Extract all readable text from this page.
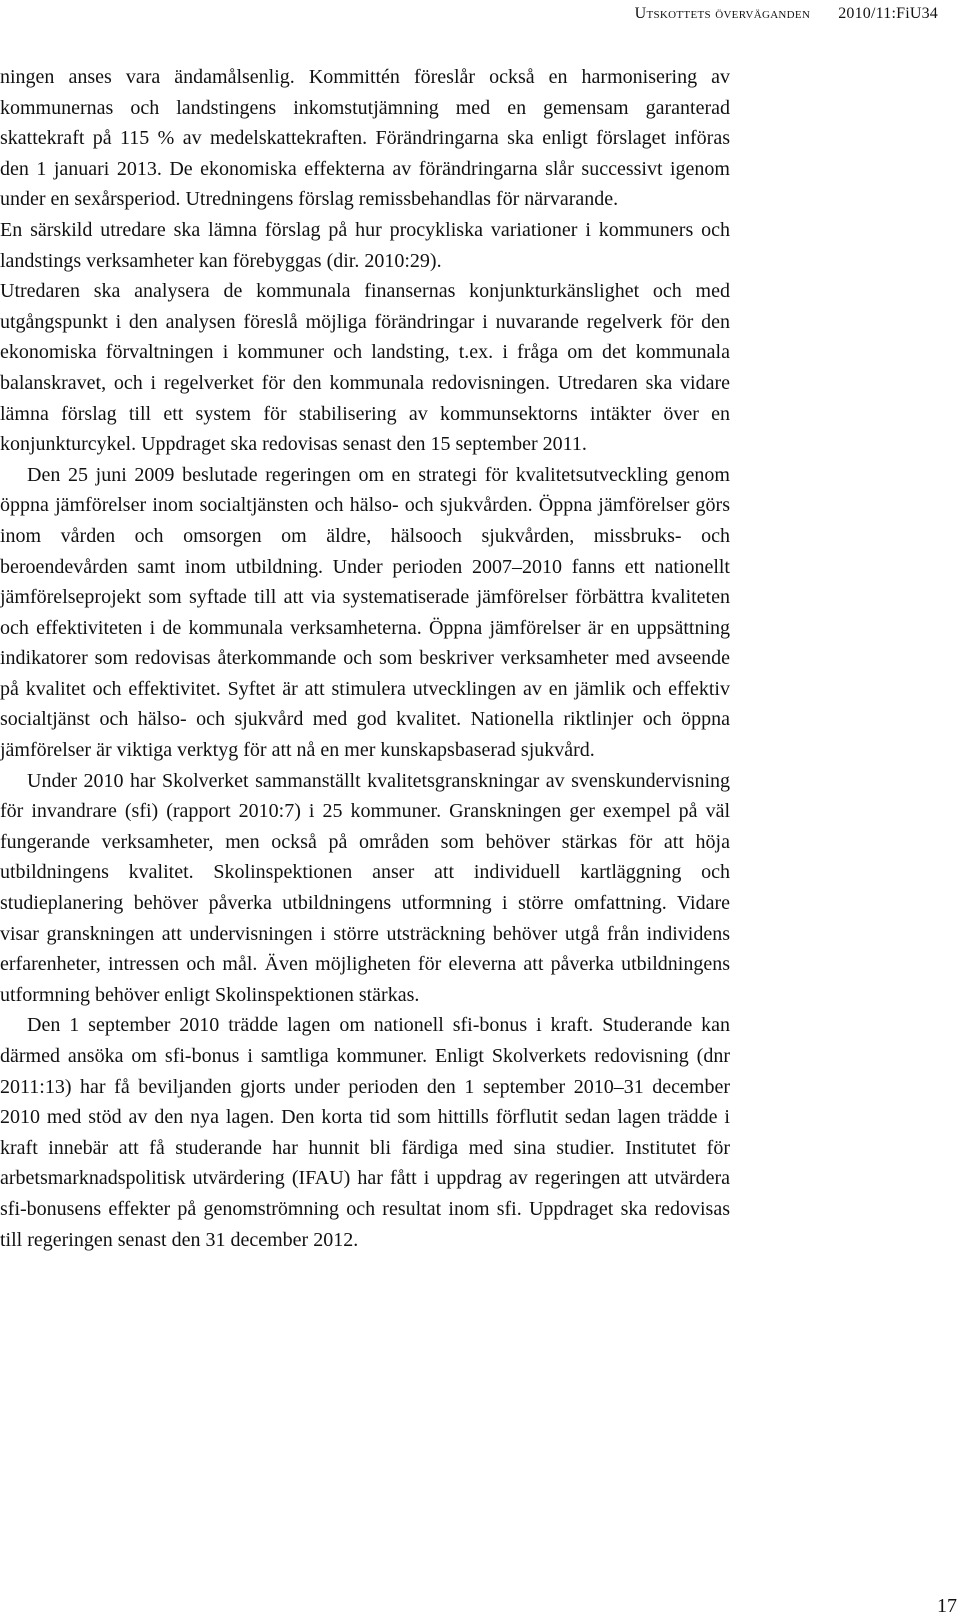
Utskottets överväganden 2010/11:FiU34

ningen anses vara ändamålsenlig. Kommittén föreslår också en harmonisering av kommunernas och landstingens inkomstutjämning med en gemensam garanterad skattekraft på 115 % av medelskattekraften. Förändringarna ska enligt förslaget införas den 1 januari 2013. De ekonomiska effekterna av förändringarna slår successivt igenom under en sexårsperiod. Utredningens förslag remissbehandlas för närvarande.

En särskild utredare ska lämna förslag på hur procykliska variationer i kommuners och landstings verksamheter kan förebyggas (dir. 2010:29).

Utredaren ska analysera de kommunala finansernas konjunkturkänslighet och med utgångspunkt i den analysen föreslå möjliga förändringar i nuvarande regelverk för den ekonomiska förvaltningen i kommuner och landsting, t.ex. i fråga om det kommunala balanskravet, och i regelverket för den kommunala redovisningen. Utredaren ska vidare lämna förslag till ett system för stabilisering av kommunsektorns intäkter över en konjunkturcykel. Uppdraget ska redovisas senast den 15 september 2011.

Den 25 juni 2009 beslutade regeringen om en strategi för kvalitetsutveckling genom öppna jämförelser inom socialtjänsten och hälso- och sjukvården. Öppna jämförelser görs inom vården och omsorgen om äldre, hälsooch sjukvården, missbruks- och beroendevården samt inom utbildning. Under perioden 2007–2010 fanns ett nationellt jämförelseprojekt som syftade till att via systematiserade jämförelser förbättra kvaliteten och effektiviteten i de kommunala verksamheterna. Öppna jämförelser är en uppsättning indikatorer som redovisas återkommande och som beskriver verksamheter med avseende på kvalitet och effektivitet. Syftet är att stimulera utvecklingen av en jämlik och effektiv socialtjänst och hälso- och sjukvård med god kvalitet. Nationella riktlinjer och öppna jämförelser är viktiga verktyg för att nå en mer kunskapsbaserad sjukvård.

Under 2010 har Skolverket sammanställt kvalitetsgranskningar av svenskundervisning för invandrare (sfi) (rapport 2010:7) i 25 kommuner. Granskningen ger exempel på väl fungerande verksamheter, men också på områden som behöver stärkas för att höja utbildningens kvalitet. Skolinspektionen anser att individuell kartläggning och studieplanering behöver påverka utbildningens utformning i större omfattning. Vidare visar granskningen att undervisningen i större utsträckning behöver utgå från individens erfarenheter, intressen och mål. Även möjligheten för eleverna att påverka utbildningens utformning behöver enligt Skolinspektionen stärkas.

Den 1 september 2010 trädde lagen om nationell sfi-bonus i kraft. Studerande kan därmed ansöka om sfi-bonus i samtliga kommuner. Enligt Skolverkets redovisning (dnr 2011:13) har få beviljanden gjorts under perioden den 1 september 2010–31 december 2010 med stöd av den nya lagen. Den korta tid som hittills förflutit sedan lagen trädde i kraft innebär att få studerande har hunnit bli färdiga med sina studier. Institutet för arbetsmarknadspolitisk utvärdering (IFAU) har fått i uppdrag av regeringen att utvärdera sfi-bonusens effekter på genomströmning och resultat inom sfi. Uppdraget ska redovisas till regeringen senast den 31 december 2012.

17
